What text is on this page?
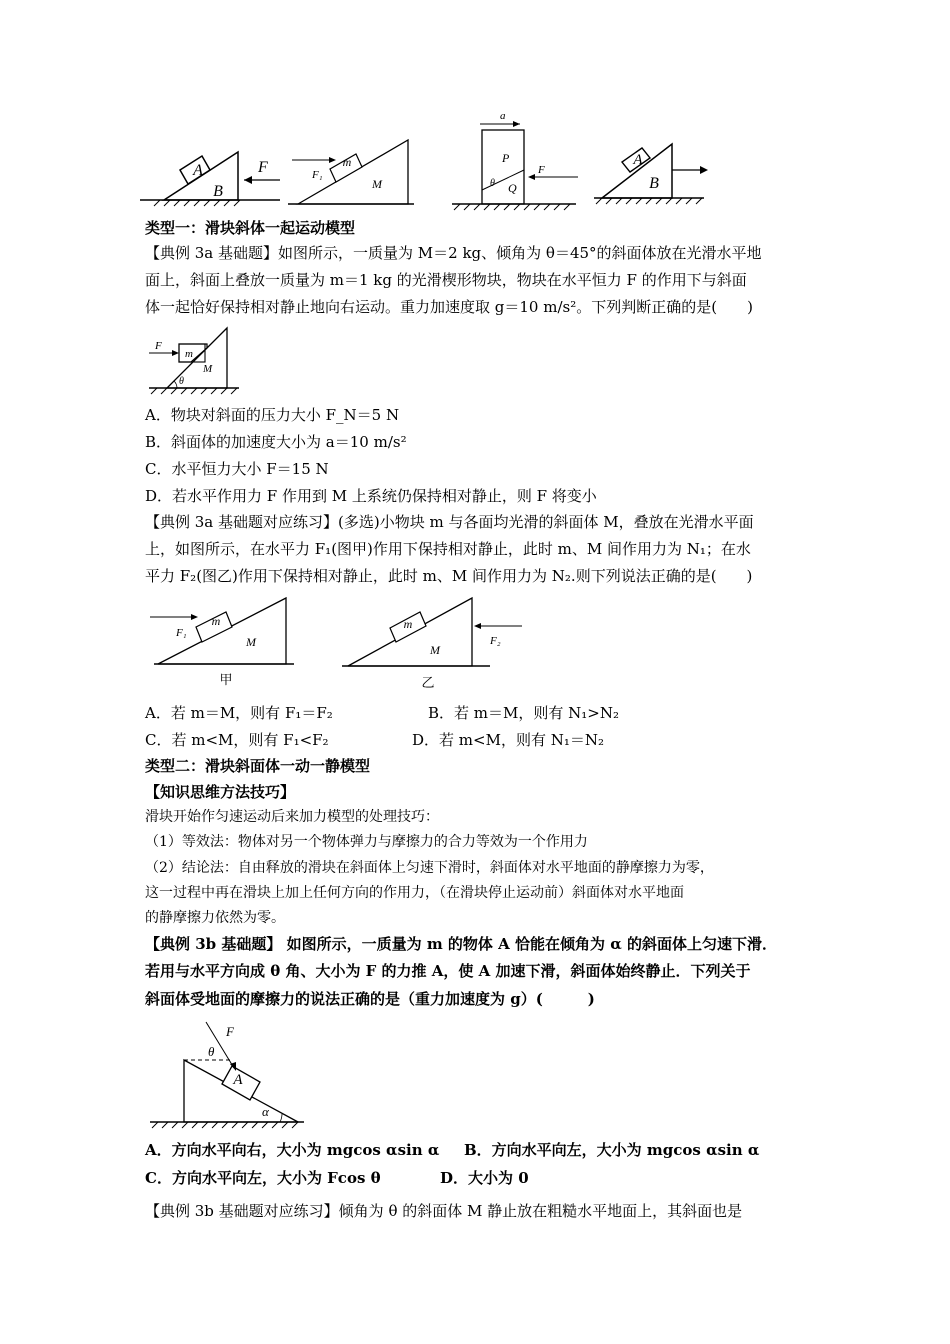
A
B
F	m
F₁
M
a
P
Q
θ
F
A
B
类型一：滑块斜体一起运动模型
【典例 3a 基础题】如图所示，一质量为 M＝2 kg、倾角为 θ＝45°的斜面体放在光滑水平地
面上，斜面上叠放一质量为 m＝1 kg 的光滑楔形物块，物块在水平恒力 F 的作用下与斜面
体一起恰好保持相对静止地向右运动。重力加速度取 g＝10 m/s²。下列判断正确的是(　　)
F
m
M
θ
A．物块对斜面的压力大小 F_N＝5 N
B．斜面体的加速度大小为 a＝10 m/s²
C．水平恒力大小 F＝15 N
D．若水平作用力 F 作用到 M 上系统仍保持相对静止，则 F 将变小
【典例 3a 基础题对应练习】(多选)小物块 m 与各面均光滑的斜面体 M，叠放在光滑水平面
上，如图所示，在水平力 F₁(图甲)作用下保持相对静止，此时 m、M 间作用力为 N₁；在水
平力 F₂(图乙)作用下保持相对静止，此时 m、M 间作用力为 N₂.则下列说法正确的是(　　)
m
F₁
M
甲
m
F₂
M
乙
A．若 m＝M，则有 F₁＝F₂	B．若 m＝M，则有 N₁>N₂
C．若 m<M，则有 F₁<F₂	D．若 m<M，则有 N₁＝N₂
类型二：滑块斜面体一动一静模型
【知识思维方法技巧】
滑块开始作匀速运动后来加力模型的处理技巧：
（1）等效法：物体对另一个物体弹力与摩擦力的合力等效为一个作用力
（2）结论法：自由释放的滑块在斜面体上匀速下滑时，斜面体对水平地面的静摩擦力为零，
这一过程中再在滑块上加上任何方向的作用力，（在滑块停止运动前）斜面体对水平地面
的静摩擦力依然为零。
【典例 3b 基础题】 如图所示，一质量为 m 的物体 A 恰能在倾角为 α 的斜面体上匀速下滑．
若用与水平方向成 θ 角、大小为 F 的力推 A，使 A 加速下滑，斜面体始终静止．下列关于
斜面体受地面的摩擦力的说法正确的是（重力加速度为 g）(　　　)
A
F
θ
α
A．方向水平向右，大小为 mgcos αsin α B．方向水平向左，大小为 mgcos αsin α
C．方向水平向左，大小为 Fcos θ	D．大小为 0
【典例 3b 基础题对应练习】倾角为 θ 的斜面体 M 静止放在粗糙水平地面上，其斜面也是
